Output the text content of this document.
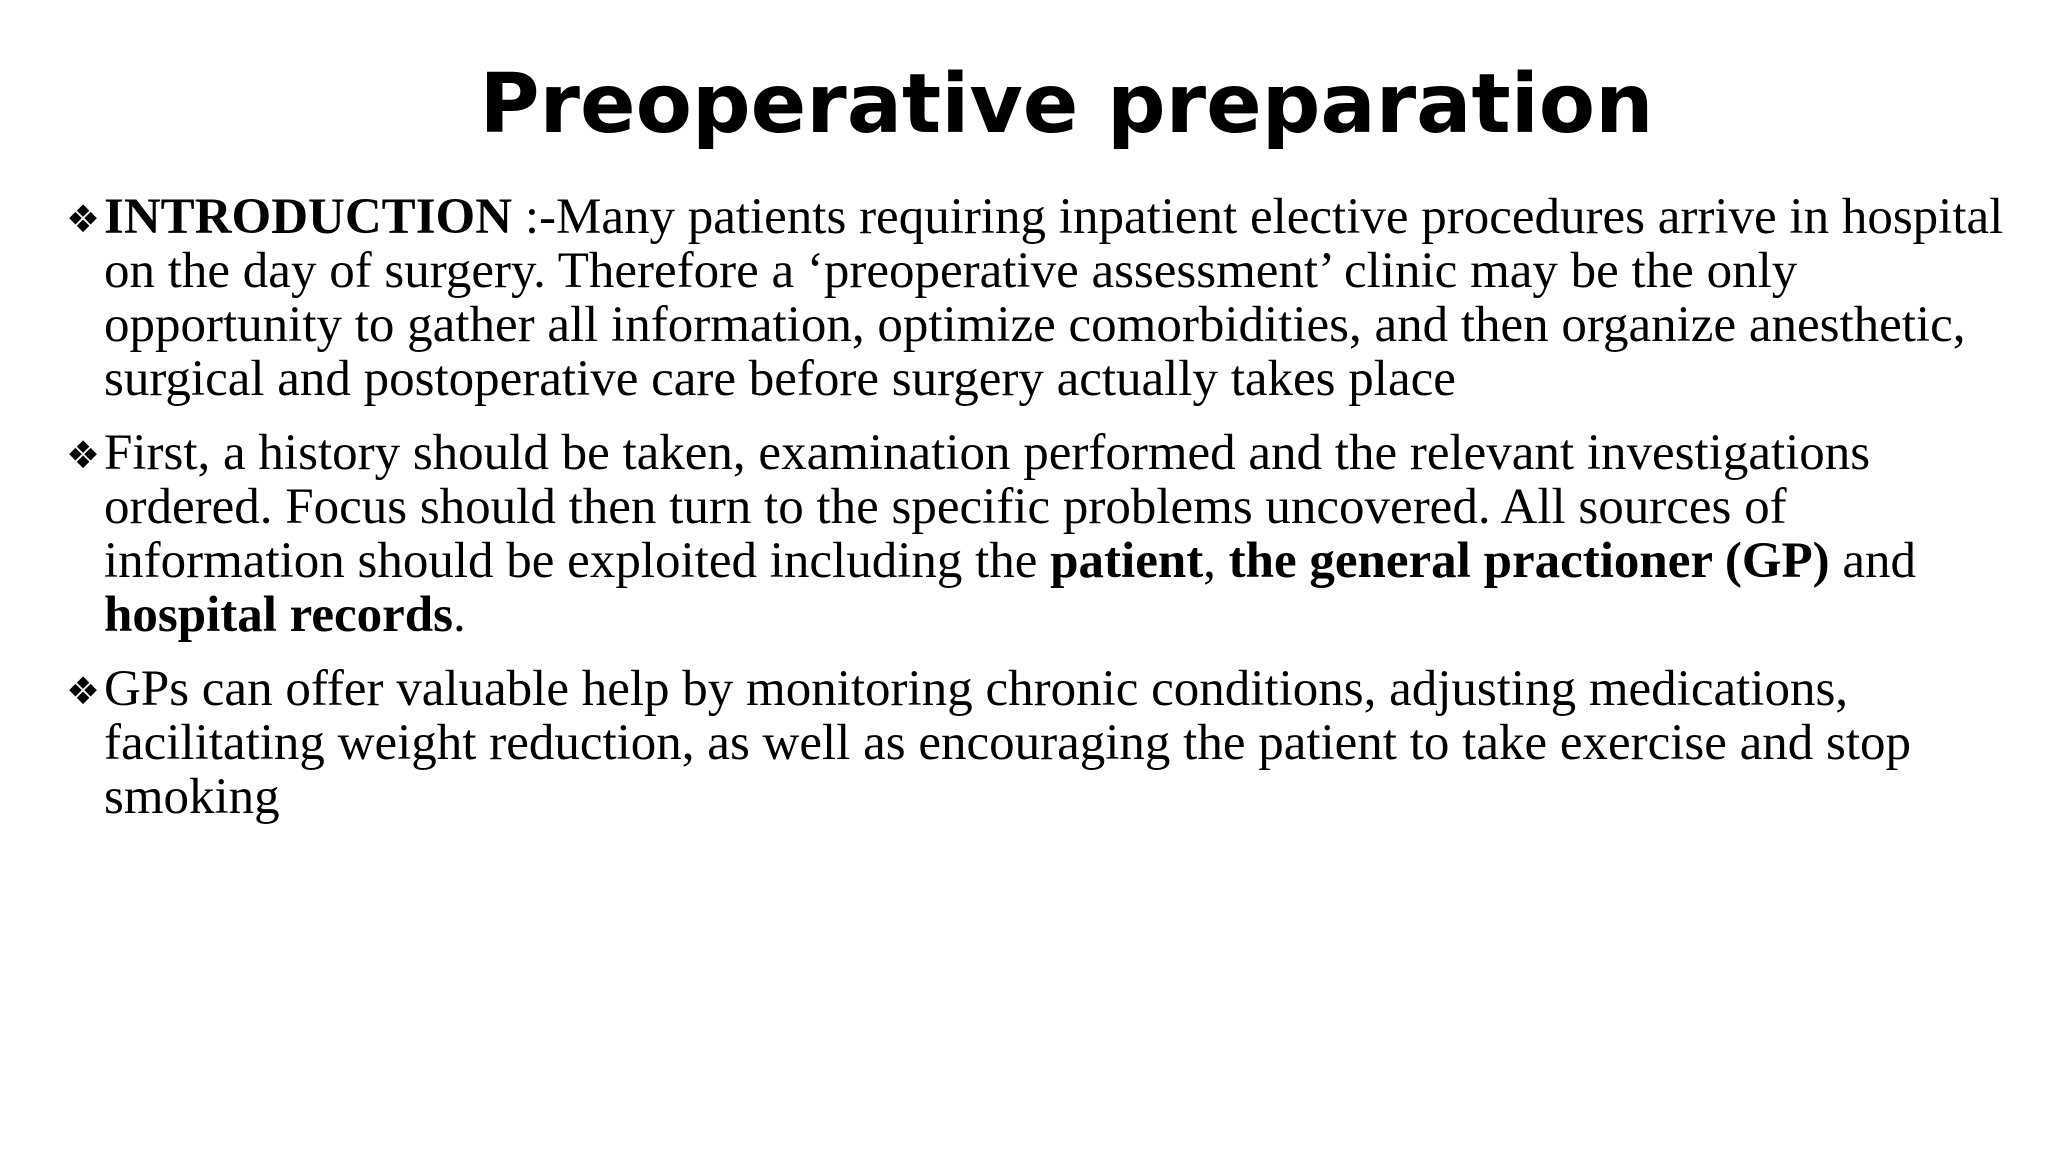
Preoperative preparation
❖ INTRODUCTION :-Many patients requiring inpatient elective procedures arrive in hospital on the day of surgery. Therefore a ‘preoperative assessment’ clinic may be the only opportunity to gather all information, optimize comorbidities, and then organize anesthetic, surgical and postoperative care before surgery actually takes place
❖ First, a history should be taken, examination performed and the relevant investigations ordered. Focus should then turn to the specific problems uncovered. All sources of information should be exploited including the patient, the general practioner (GP) and hospital records.
❖ GPs can offer valuable help by monitoring chronic conditions, adjusting medications, facilitating weight reduction, as well as encouraging the patient to take exercise and stop smoking
